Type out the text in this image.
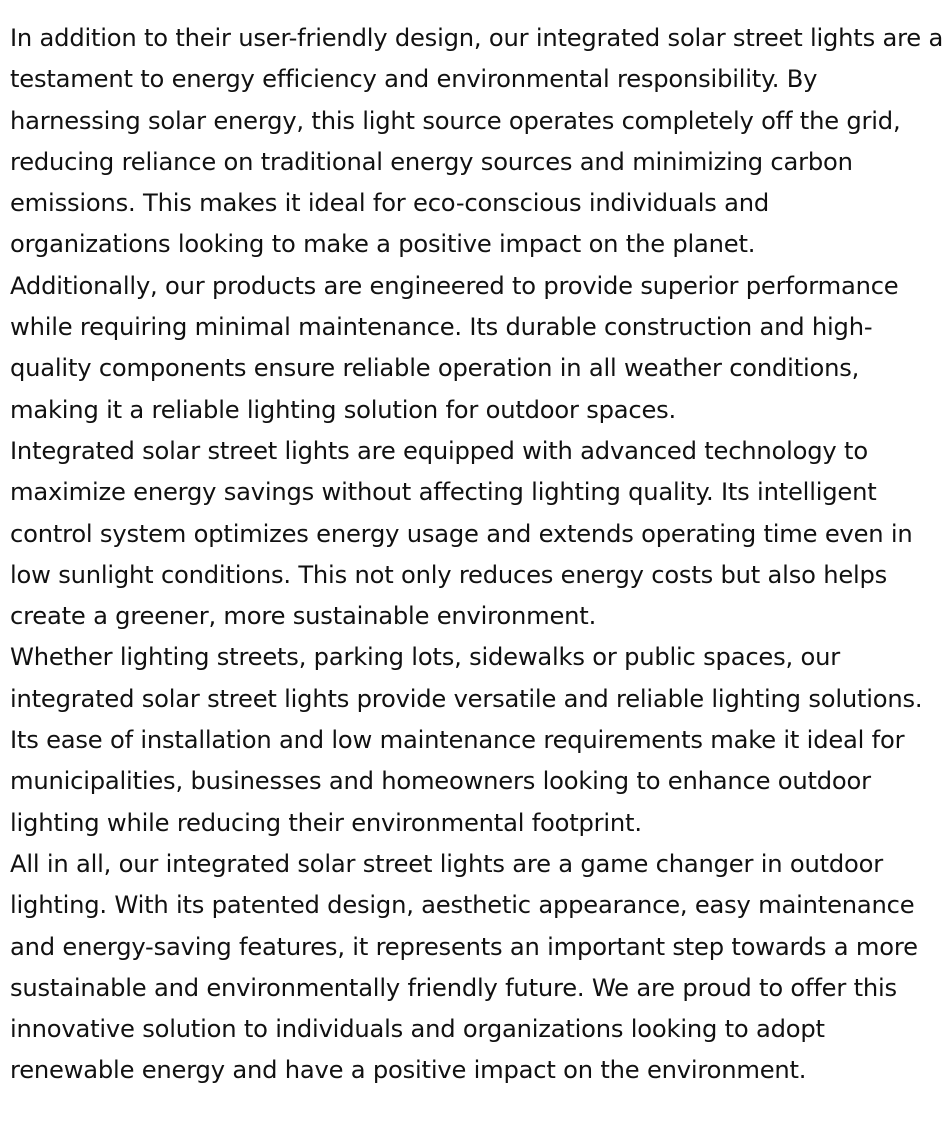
In addition to their user-friendly design, our integrated solar street lights are a
testament to energy efficiency and environmental responsibility. By
harnessing solar energy, this light source operates completely off the grid,
reducing reliance on traditional energy sources and minimizing carbon
emissions. This makes it ideal for eco-conscious individuals and
organizations looking to make a positive impact on the planet.

Additionally, our products are engineered to provide superior performance
while requiring minimal maintenance. Its durable construction and high-
quality components ensure reliable operation in all weather conditions,
making it a reliable lighting solution for outdoor spaces.

Integrated solar street lights are equipped with advanced technology to
maximize energy savings without affecting lighting quality. Its intelligent
control system optimizes energy usage and extends operating time even in
low sunlight conditions. This not only reduces energy costs but also helps
create a greener, more sustainable environment.

Whether lighting streets, parking lots, sidewalks or public spaces, our
integrated solar street lights provide versatile and reliable lighting solutions.
Its ease of installation and low maintenance requirements make it ideal for
municipalities, businesses and homeowners looking to enhance outdoor
lighting while reducing their environmental footprint.

All in all, our integrated solar street lights are a game changer in outdoor
lighting. With its patented design, aesthetic appearance, easy maintenance
and energy-saving features, it represents an important step towards a more
sustainable and environmentally friendly future. We are proud to offer this
innovative solution to individuals and organizations looking to adopt
renewable energy and have a positive impact on the environment.
